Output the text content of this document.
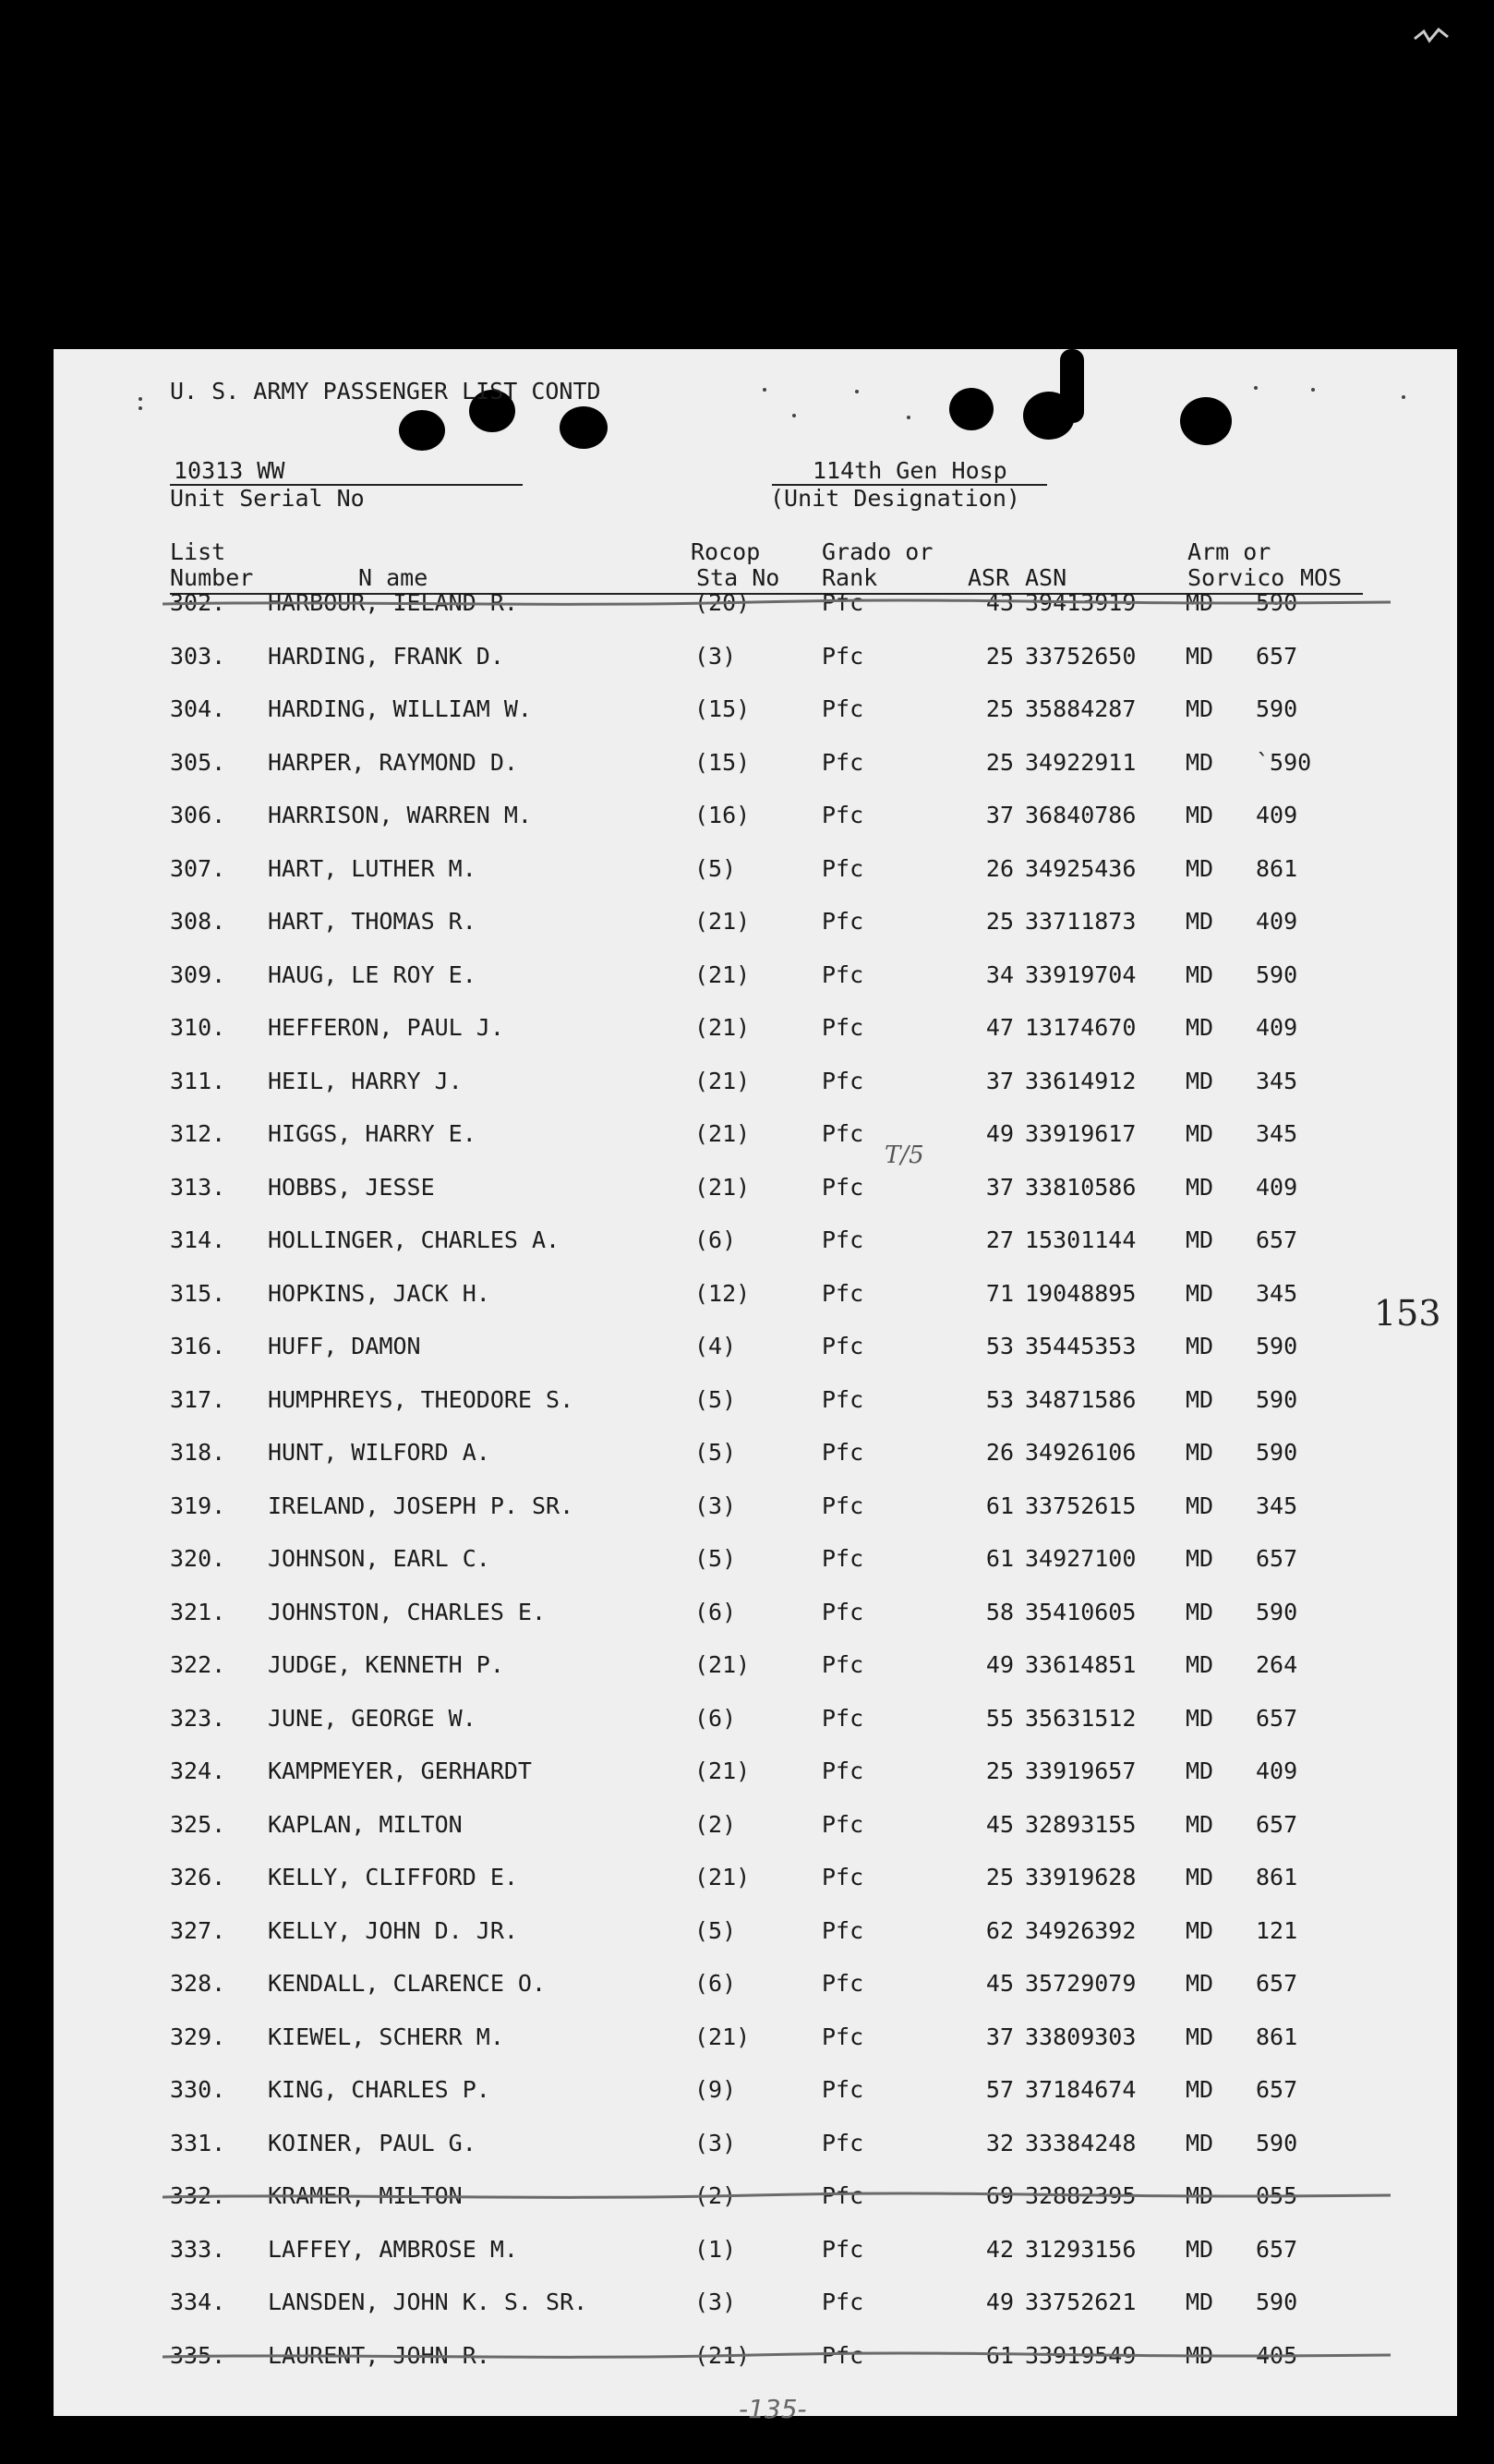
U. S. ARMY PASSENGER LIST CONTD
10313 WW
Unit Serial No
114th Gen Hosp
(Unit Designation)
List
Number	N ame
Rocop
Sta No
Grado or
Rank	ASR ASN
Arm or
Sorvico MOS
302. HARBOUR, IELAND R.	(20)	Pfc	43 39413919 MD 590
303. HARDING, FRANK D.	(3)	Pfc	25 33752650 MD 657
304. HARDING, WILLIAM W.	(15)	Pfc	25 35884287 MD 590
305. HARPER, RAYMOND D.	(15)	Pfc	25 34922911 MD `590
306. HARRISON, WARREN M.	(16)	Pfc	37 36840786 MD 409
307. HART, LUTHER M.	(5)	Pfc	26 34925436 MD 861
308. HART, THOMAS R.	(21)	Pfc	25 33711873 MD 409
309. HAUG, LE ROY E.	(21)	Pfc	34 33919704 MD 590
310. HEFFERON, PAUL J.	(21)	Pfc	47 13174670 MD 409
311. HEIL, HARRY J.	(21)	Pfc	37 33614912 MD 345
312. HIGGS, HARRY E.	(21)	Pfc	49 33919617 MD 345
313. HOBBS, JESSE	(21)	Pfc	37 33810586 MD 409
314. HOLLINGER, CHARLES A.	(6)	Pfc	27 15301144 MD 657
315. HOPKINS, JACK H.	(12)	Pfc	71 19048895 MD 345
316. HUFF, DAMON	(4)	Pfc	53 35445353 MD 590
317. HUMPHREYS, THEODORE S.	(5)	Pfc	53 34871586 MD 590
318. HUNT, WILFORD A.	(5)	Pfc	26 34926106 MD 590
319. IRELAND, JOSEPH P. SR.	(3)	Pfc	61 33752615 MD 345
320. JOHNSON, EARL C.	(5)	Pfc	61 34927100 MD 657
321. JOHNSTON, CHARLES E.	(6)	Pfc	58 35410605 MD 590
322. JUDGE, KENNETH P.	(21)	Pfc	49 33614851 MD 264
323. JUNE, GEORGE W.	(6)	Pfc	55 35631512 MD 657
324. KAMPMEYER, GERHARDT	(21)	Pfc	25 33919657 MD 409
325. KAPLAN, MILTON	(2)	Pfc	45 32893155 MD 657
326. KELLY, CLIFFORD E.	(21)	Pfc	25 33919628 MD 861
327. KELLY, JOHN D. JR.	(5)	Pfc	62 34926392 MD 121
328. KENDALL, CLARENCE O.	(6)	Pfc	45 35729079 MD 657
329. KIEWEL, SCHERR M.	(21)	Pfc	37 33809303 MD 861
330. KING, CHARLES P.	(9)	Pfc	57 37184674 MD 657
331. KOINER, PAUL G.	(3)	Pfc	32 33384248 MD 590
332. KRAMER, MILTON	(2)	Pfc	69 32882395 MD 055
333. LAFFEY, AMBROSE M.	(1)	Pfc	42 31293156 MD 657
334. LANSDEN, JOHN K. S. SR.	(3)	Pfc	49 33752621 MD 590
335. LAURENT, JOHN R.	(21)	Pfc	61 33919549 MD 405
T/5
153
-135-
